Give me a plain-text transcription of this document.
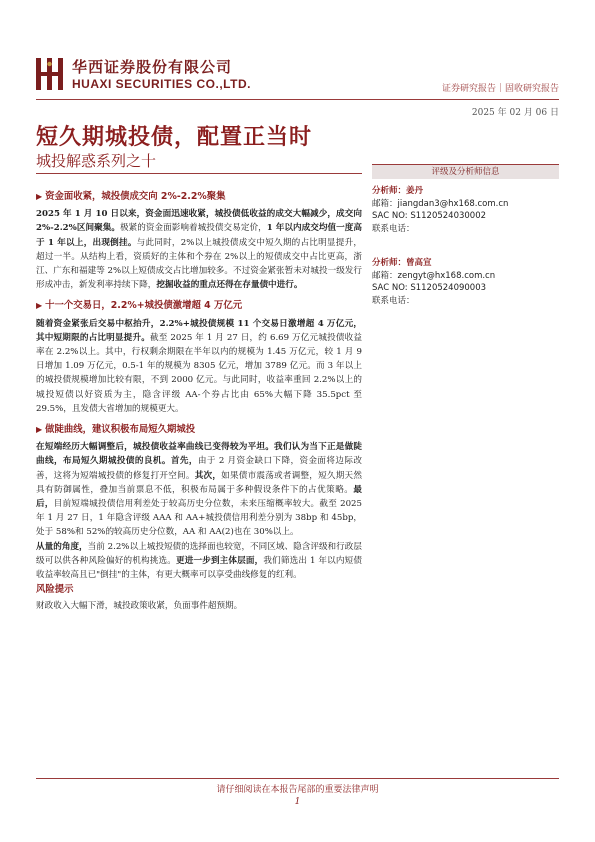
华西证券股份有限公司
HUAXI SECURITIES CO.,LTD.	证券研究报告｜固收研究报告
2025 年 02 月 06 日
短久期城投债，配置正当时
城投解惑系列之十
▶ 资金面收紧，城投债成交向 2%-2.2%聚集

2025 年 1 月 10 日以来，资金面迅速收紧，城投债低收益的成交大幅减少，成交向 2%-2.2%区间聚集。极紧的资金面影响着城投债交易定价，1 年以内成交均值一度高于 1 年以上，出现倒挂。与此同时，2%以上城投债成交中短久期的占比明显提升，超过一半。从结构上看，资质好的主体和个券在 2%以上的短债成交中占比更高，浙江、广东和福建等 2%以上短债成交占比增加较多。不过资金紧张暂未对城投一级发行形成冲击，新发利率持续下降，挖掘收益的重点还得在存量债中进行。

▶ 十一个交易日，2.2%+城投债激增超 4 万亿元

随着资金紧张后交易中枢抬升，2.2%+城投债规模 11 个交易日激增超 4 万亿元，其中短期限的占比明显提升。截至 2025 年 1 月 27 日，约 6.69 万亿元城投债收益率在 2.2%以上。其中，行权剩余期限在半年以内的规模为 1.45 万亿元，较 1 月 9 日增加 1.09 万亿元，0.5-1 年的规模为 8305 亿元，增加 3789 亿元。而 3 年以上的城投债规模增加比较有限，不到 2000 亿元。与此同时，收益率重回 2.2%以上的城投短债以好资质为主，隐含评级 AA-个券占比由 65%大幅下降 35.5pct 至 29.5%，且发债大省增加的规模更大。

▶ 做陡曲线，建议积极布局短久期城投

在短端经历大幅调整后，城投债收益率曲线已变得较为平坦。我们认为当下正是做陡曲线，布局短久期城投债的良机。首先，由于 2 月资金缺口下降，资金面将边际改善，这将为短端城投债的修复打开空间。其次，如果债市震荡或者调整，短久期天然具有防御属性，叠加当前票息不低，积极布局属于多种假设条件下的占优策略。最后，目前短端城投债信用利差处于较高历史分位数，未来压缩概率较大。截至 2025 年 1 月 27 日，1 年隐含评级 AAA 和 AA+城投债信用利差分别为 38bp 和 45bp，处于 58%和 52%的较高历史分位数，AA 和 AA(2)也在 30%以上。

从量的角度，当前 2.2%以上城投短债的选择面也较宽，不同区域、隐含评级和行政层级可以供各种风险偏好的机构挑选。更进一步到主体层面，我们筛选出 1 年以内短债收益率较高且已"倒挂"的主体，有更大概率可以享受曲线修复的红利。

风险提示

财政收入大幅下滑，城投政策收紧，负面事件超预期。

评级及分析师信息
分析师：姜丹
邮箱：jiangdan3@hx168.com.cn
SAC NO: S1120524030002
联系电话：
分析师：曾高宣
邮箱：zengyt@hx168.com.cn
SAC NO: S1120524090003
联系电话：
请仔细阅读在本报告尾部的重要法律声明
1
